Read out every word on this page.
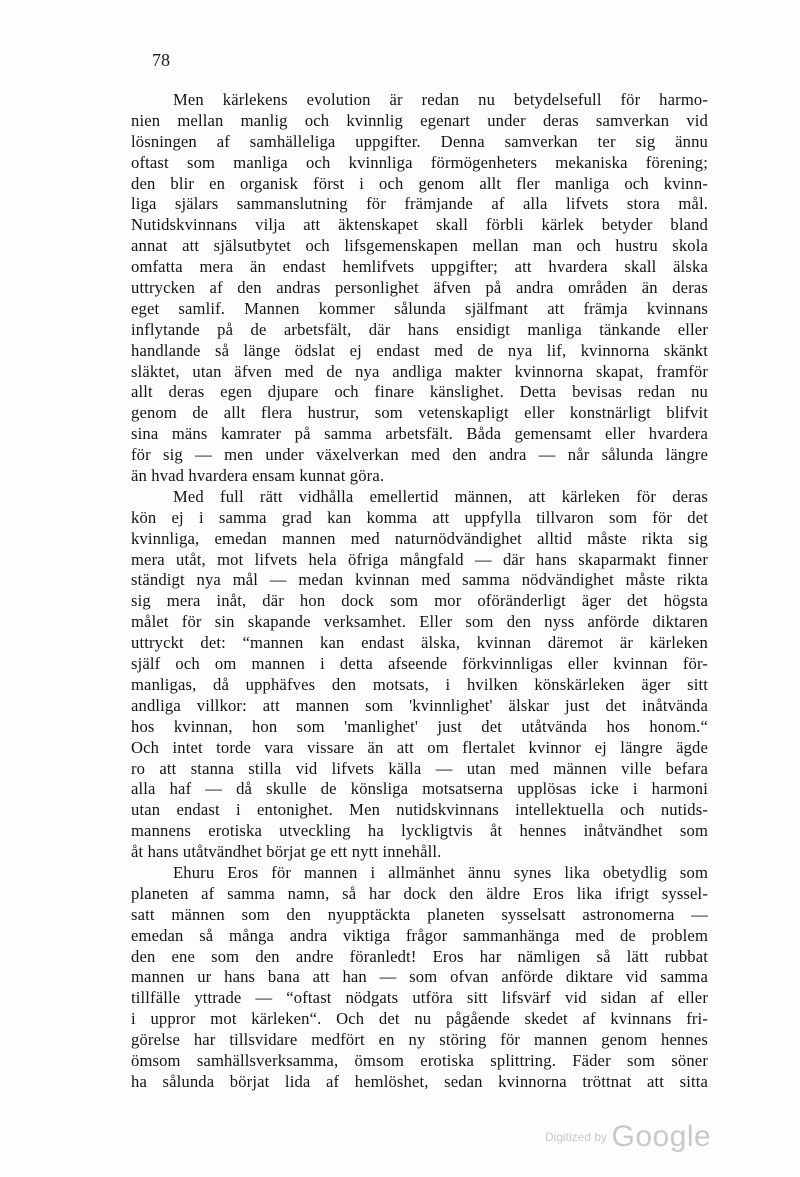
78
Men kärlekens evolution är redan nu betydelsefull för harmo-
nien mellan manlig och kvinnlig egenart under deras samverkan vid
lösningen af samhälleliga uppgifter. Denna samverkan ter sig ännu
oftast som manliga och kvinnliga förmögenheters mekaniska förening;
den blir en organisk först i och genom allt fler manliga och kvinn-
liga själars sammanslutning för främjande af alla lifvets stora mål.
Nutidskvinnans vilja att äktenskapet skall förbli kärlek betyder bland
annat att själsutbytet och lifsgemenskapen mellan man och hustru skola
omfatta mera än endast hemlifvets uppgifter; att hvardera skall älska
uttrycken af den andras personlighet äfven på andra områden än deras
eget samlif. Mannen kommer sålunda själfmant att främja kvinnans
inflytande på de arbetsfält, där hans ensidigt manliga tänkande eller
handlande så länge ödslat ej endast med de nya lif, kvinnorna skänkt
släktet, utan äfven med de nya andliga makter kvinnorna skapat, framför
allt deras egen djupare och finare känslighet. Detta bevisas redan nu
genom de allt flera hustrur, som vetenskapligt eller konstnärligt blifvit
sina mäns kamrater på samma arbetsfält. Båda gemensamt eller hvardera
för sig — men under växelverkan med den andra — når sålunda längre
än hvad hvardera ensam kunnat göra.
Med full rätt vidhålla emellertid männen, att kärleken för deras
kön ej i samma grad kan komma att uppfylla tillvaron som för det
kvinnliga, emedan mannen med naturnödvändighet alltid måste rikta sig
mera utåt, mot lifvets hela öfriga mångfald — där hans skaparmakt finner
ständigt nya mål — medan kvinnan med samma nödvändighet måste rikta
sig mera inåt, där hon dock som mor oföränderligt äger det högsta
målet för sin skapande verksamhet. Eller som den nyss anförde diktaren
uttryckt det: “mannen kan endast älska, kvinnan däremot är kärleken
själf och om mannen i detta afseende förkvinnligas eller kvinnan för-
manligas, då upphäfves den motsats, i hvilken könskärleken äger sitt
andliga villkor: att mannen som 'kvinnlighet' älskar just det inåtvända
hos kvinnan, hon som 'manlighet' just det utåtvända hos honom.“
Och intet torde vara vissare än att om flertalet kvinnor ej längre ägde
ro att stanna stilla vid lifvets källa — utan med männen ville befara
alla haf — då skulle de könsliga motsatserna upplösas icke i harmoni
utan endast i entonighet. Men nutidskvinnans intellektuella och nutids-
mannens erotiska utveckling ha lyckligtvis åt hennes inåtvändhet som
åt hans utåtvändhet börjat ge ett nytt innehåll.
Ehuru Eros för mannen i allmänhet ännu synes lika obetydlig som
planeten af samma namn, så har dock den äldre Eros lika ifrigt syssel-
satt männen som den nyupptäckta planeten sysselsatt astronomerna —
emedan så många andra viktiga frågor sammanhänga med de problem
den ene som den andre föranledt! Eros har nämligen så lätt rubbat
mannen ur hans bana att han — som ofvan anförde diktare vid samma
tillfälle yttrade — “oftast nödgats utföra sitt lifsvärf vid sidan af eller
i uppror mot kärleken“. Och det nu pågående skedet af kvinnans fri-
görelse har tillsvidare medfört en ny störing för mannen genom hennes
ömsom samhällsverksamma, ömsom erotiska splittring. Fäder som söner
ha sålunda börjat lida af hemlöshet, sedan kvinnorna tröttnat att sitta
Digitized by Google
